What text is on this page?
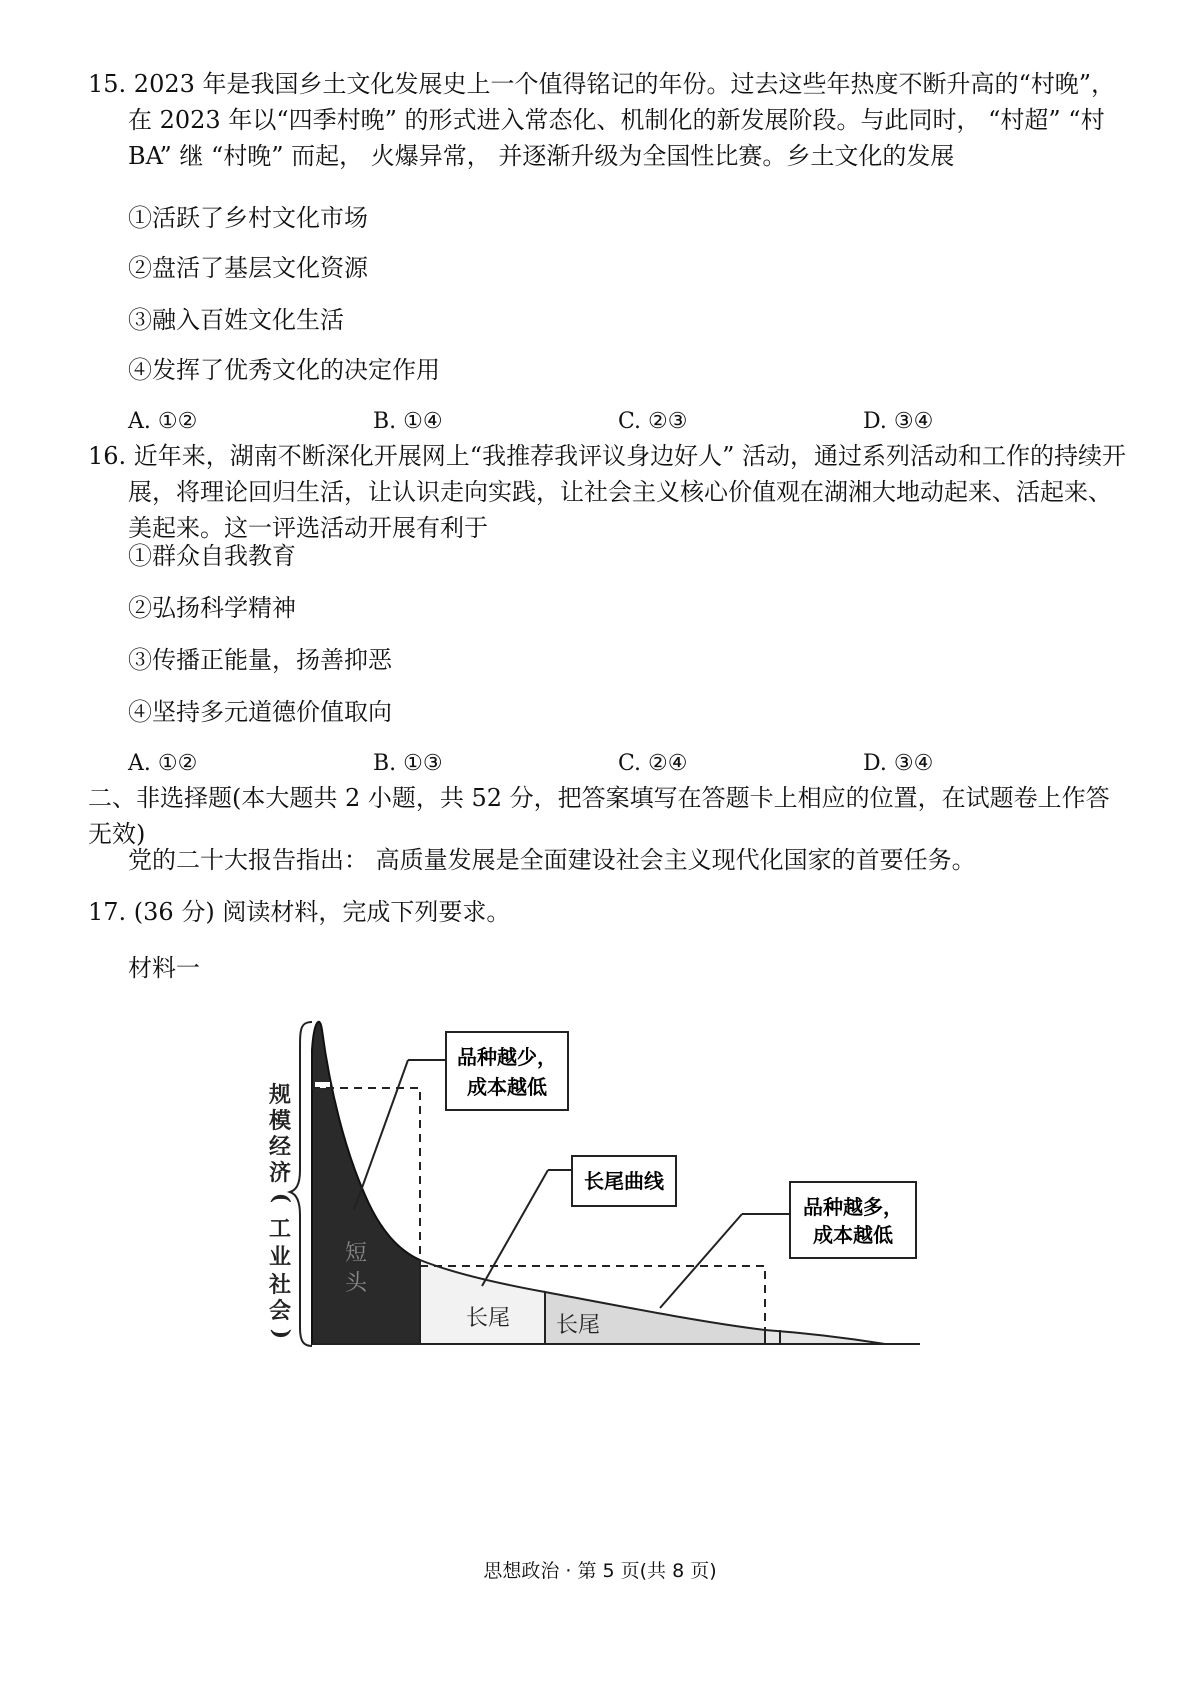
15. 2023 年是我国乡土文化发展史上一个值得铭记的年份。过去这些年热度不断升高的“村晚”，在 2023 年以“四季村晚” 的形式进入常态化、机制化的新发展阶段。与此同时， “村超” “村 BA” 继 “村晚” 而起， 火爆异常， 并逐渐升级为全国性比赛。乡土文化的发展
①活跃了乡村文化市场
②盘活了基层文化资源
③融入百姓文化生活
④发挥了优秀文化的决定作用
A. ①②	B. ①④	C. ②③	D. ③④
16. 近年来，湖南不断深化开展网上“我推荐我评议身边好人” 活动，通过系列活动和工作的持续开展，将理论回归生活，让认识走向实践，让社会主义核心价值观在湖湘大地动起来、活起来、美起来。这一评选活动开展有利于
①群众自我教育
②弘扬科学精神
③传播正能量，扬善抑恶
④坚持多元道德价值取向
A. ①②	B. ①③	C. ②④	D. ③④
二、非选择题(本大题共 2 小题，共 52 分，把答案填写在答题卡上相应的位置，在试题卷上作答无效)
党的二十大报告指出： 高质量发展是全面建设社会主义现代化国家的首要任务。
17. (36 分) 阅读材料，完成下列要求。
材料一
规
模
经
济
(
工
业
社
会
)
短
头
长尾 长尾
品种越少，
成本越低
长尾曲线
品种越多，
成本越低
思想政治 · 第 5 页(共 8 页)
